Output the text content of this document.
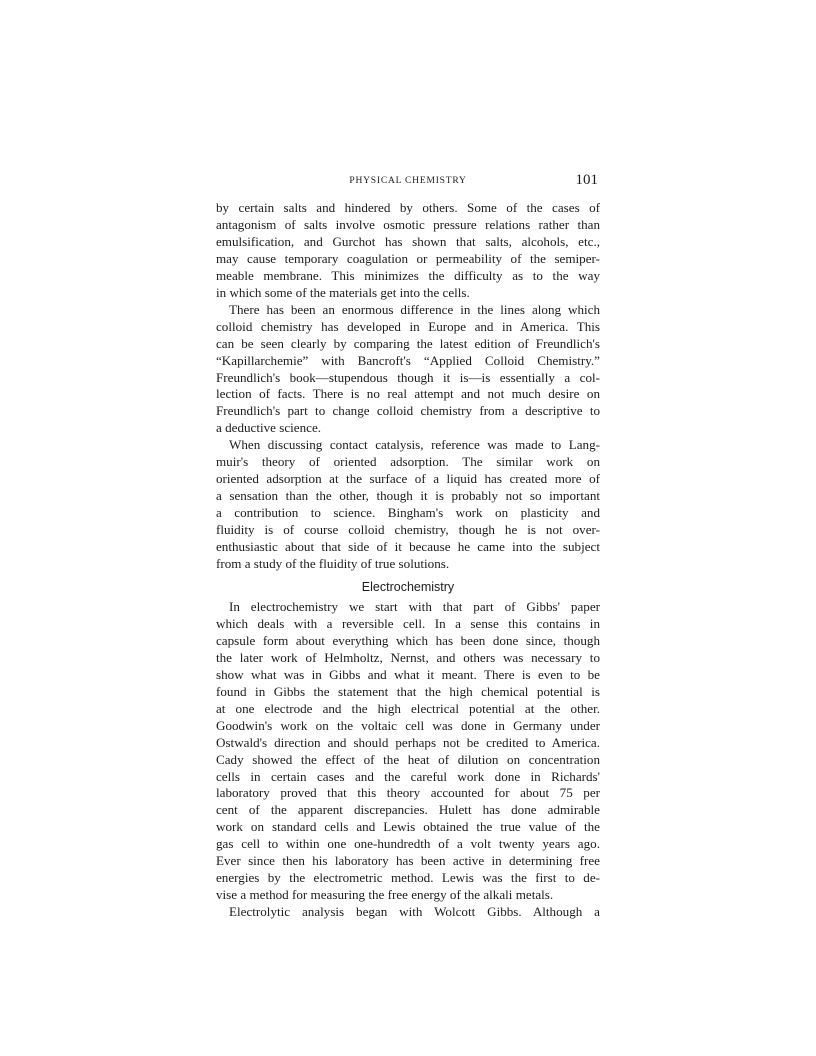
PHYSICAL CHEMISTRY	101

by certain salts and hindered by others. Some of the cases of

antagonism of salts involve osmotic pressure relations rather than

emulsification, and Gurchot has shown that salts, alcohols, etc.,

may cause temporary coagulation or permeability of the semiper-

meable membrane. This minimizes the difficulty as to the way

in which some of the materials get into the cells.

There has been an enormous difference in the lines along which

colloid chemistry has developed in Europe and in America. This

can be seen clearly by comparing the latest edition of Freundlich's

“Kapillarchemie” with Bancroft's “Applied Colloid Chemistry.”

Freundlich's book—stupendous though it is—is essentially a col-

lection of facts. There is no real attempt and not much desire on

Freundlich's part to change colloid chemistry from a descriptive to

a deductive science.

When discussing contact catalysis, reference was made to Lang-

muir's theory of oriented adsorption. The similar work on

oriented adsorption at the surface of a liquid has created more of

a sensation than the other, though it is probably not so important

a contribution to science. Bingham's work on plasticity and

fluidity is of course colloid chemistry, though he is not over-

enthusiastic about that side of it because he came into the subject

from a study of the fluidity of true solutions.

Electrochemistry

In electrochemistry we start with that part of Gibbs' paper

which deals with a reversible cell. In a sense this contains in

capsule form about everything which has been done since, though

the later work of Helmholtz, Nernst, and others was necessary to

show what was in Gibbs and what it meant. There is even to be

found in Gibbs the statement that the high chemical potential is

at one electrode and the high electrical potential at the other.

Goodwin's work on the voltaic cell was done in Germany under

Ostwald's direction and should perhaps not be credited to America.

Cady showed the effect of the heat of dilution on concentration

cells in certain cases and the careful work done in Richards'

laboratory proved that this theory accounted for about 75 per

cent of the apparent discrepancies. Hulett has done admirable

work on standard cells and Lewis obtained the true value of the

gas cell to within one one-hundredth of a volt twenty years ago.

Ever since then his laboratory has been active in determining free

energies by the electrometric method. Lewis was the first to de-

vise a method for measuring the free energy of the alkali metals.

Electrolytic analysis began with Wolcott Gibbs. Although a
